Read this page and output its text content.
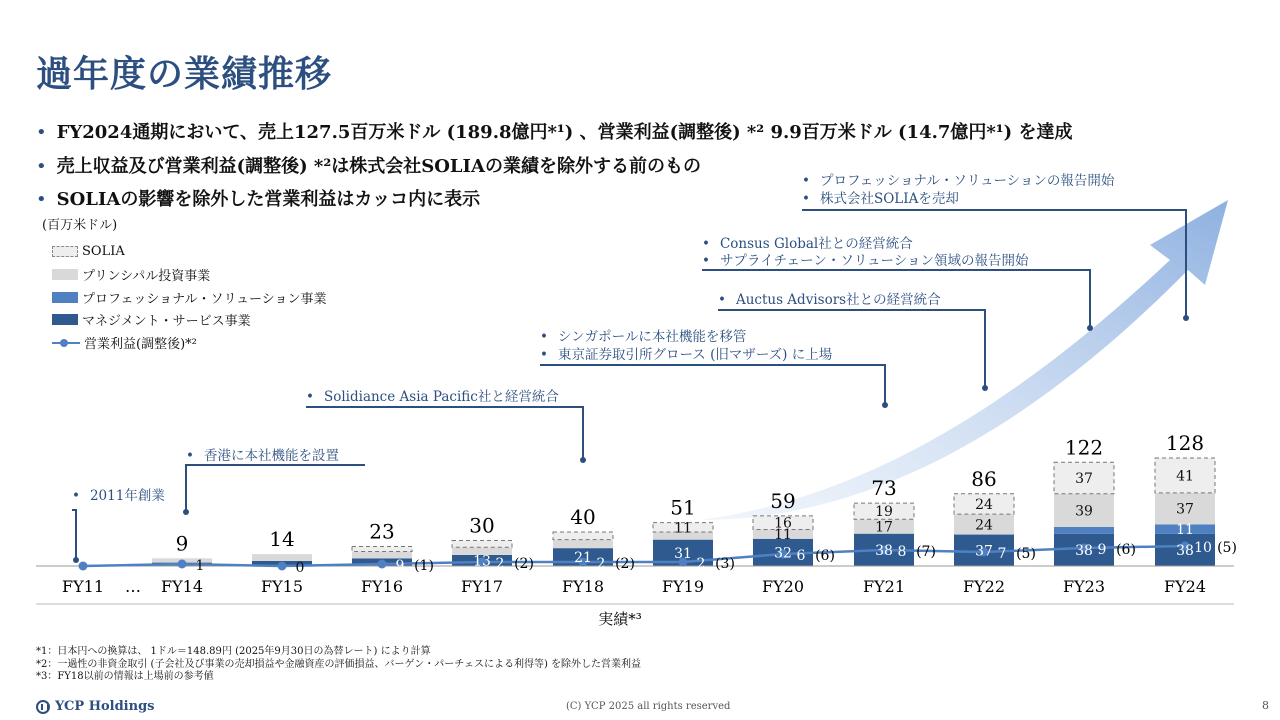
過年度の業績推移
• FY2024通期において、売上127.5百万米ドル (189.8億円*¹) 、営業利益(調整後) *² 9.9百万米ドル (14.7億円*¹) を達成
• 売上収益及び営業利益(調整後) *²は株式会社SOLIAの業績を除外する前のもの
• SOLIAの影響を除外した営業利益はカッコ内に表示
(百万米ドル)
SOLIA
プリンシパル投資事業
プロフェッショナル・ソリューション事業
マネジメント・サービス事業
営業利益(調整後)*²
• 2011年創業
• 香港に本社機能を設置
• Solidiance Asia Pacific社と経営統合
• シンガポールに本社機能を移管
• 東京証券取引所グロース (旧マザーズ) に上場
• Auctus Advisors社との経営統合
• Consus Global社との経営統合
• サプライチェーン・ソリューション領域の報告開始
• プロフェッショナル・ソリューションの報告開始
• 株式会社SOLIAを売却
FY11 … FY14
9
FY15
14
FY16
23
FY17
13
30
FY18
21
40
FY19
31
11
51
FY20
32
11
16
59
FY21
38
17
19
73
FY22
37
24
24
86
FY23
38
39
37
122
FY24
38
11
37
41
128
1	0	9 (1)	2 (2)	2 (2)	2 (3)	6 (6)	8 (7)	7 (5)	9 (6)	10 (5)
実績*³
*1：日本円への換算は、 1ドル＝148.89円 (2025年9月30日の為替レート) により計算
*2：一過性の非資金取引 (子会社及び事業の売却損益や金融資産の評価損益、バーゲン・パーチェスによる利得等) を除外した営業利益
*3：FY18以前の情報は上場前の参考値
YCP Holdings	(C) YCP 2025 all rights reserved	8
